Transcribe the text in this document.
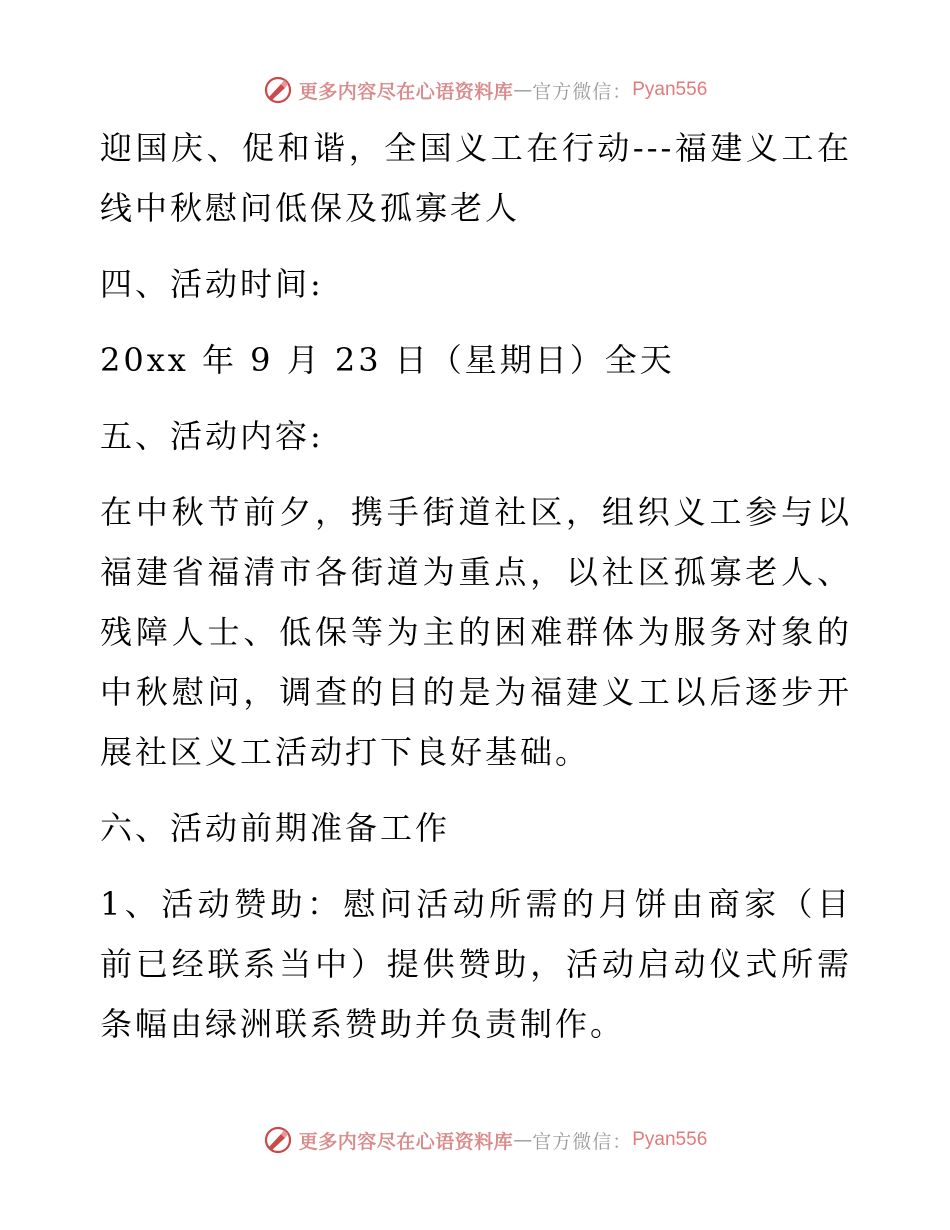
更多内容尽在心语资料库 — 官方微信： Pyan556

迎国庆、促和谐，全国义工在行动---福建义工在线中秋慰问低保及孤寡老人

四、活动时间:

20xx 年 9 月 23 日（星期日）全天

五、活动内容:

在中秋节前夕，携手街道社区，组织义工参与以福建省福清市各街道为重点，以社区孤寡老人、残障人士、低保等为主的困难群体为服务对象的中秋慰问，调查的目的是为福建义工以后逐步开展社区义工活动打下良好基础。

六、活动前期准备工作

1、活动赞助：慰问活动所需的月饼由商家（目前已经联系当中）提供赞助，活动启动仪式所需条幅由绿洲联系赞助并负责制作。

更多内容尽在心语资料库 — 官方微信： Pyan556
